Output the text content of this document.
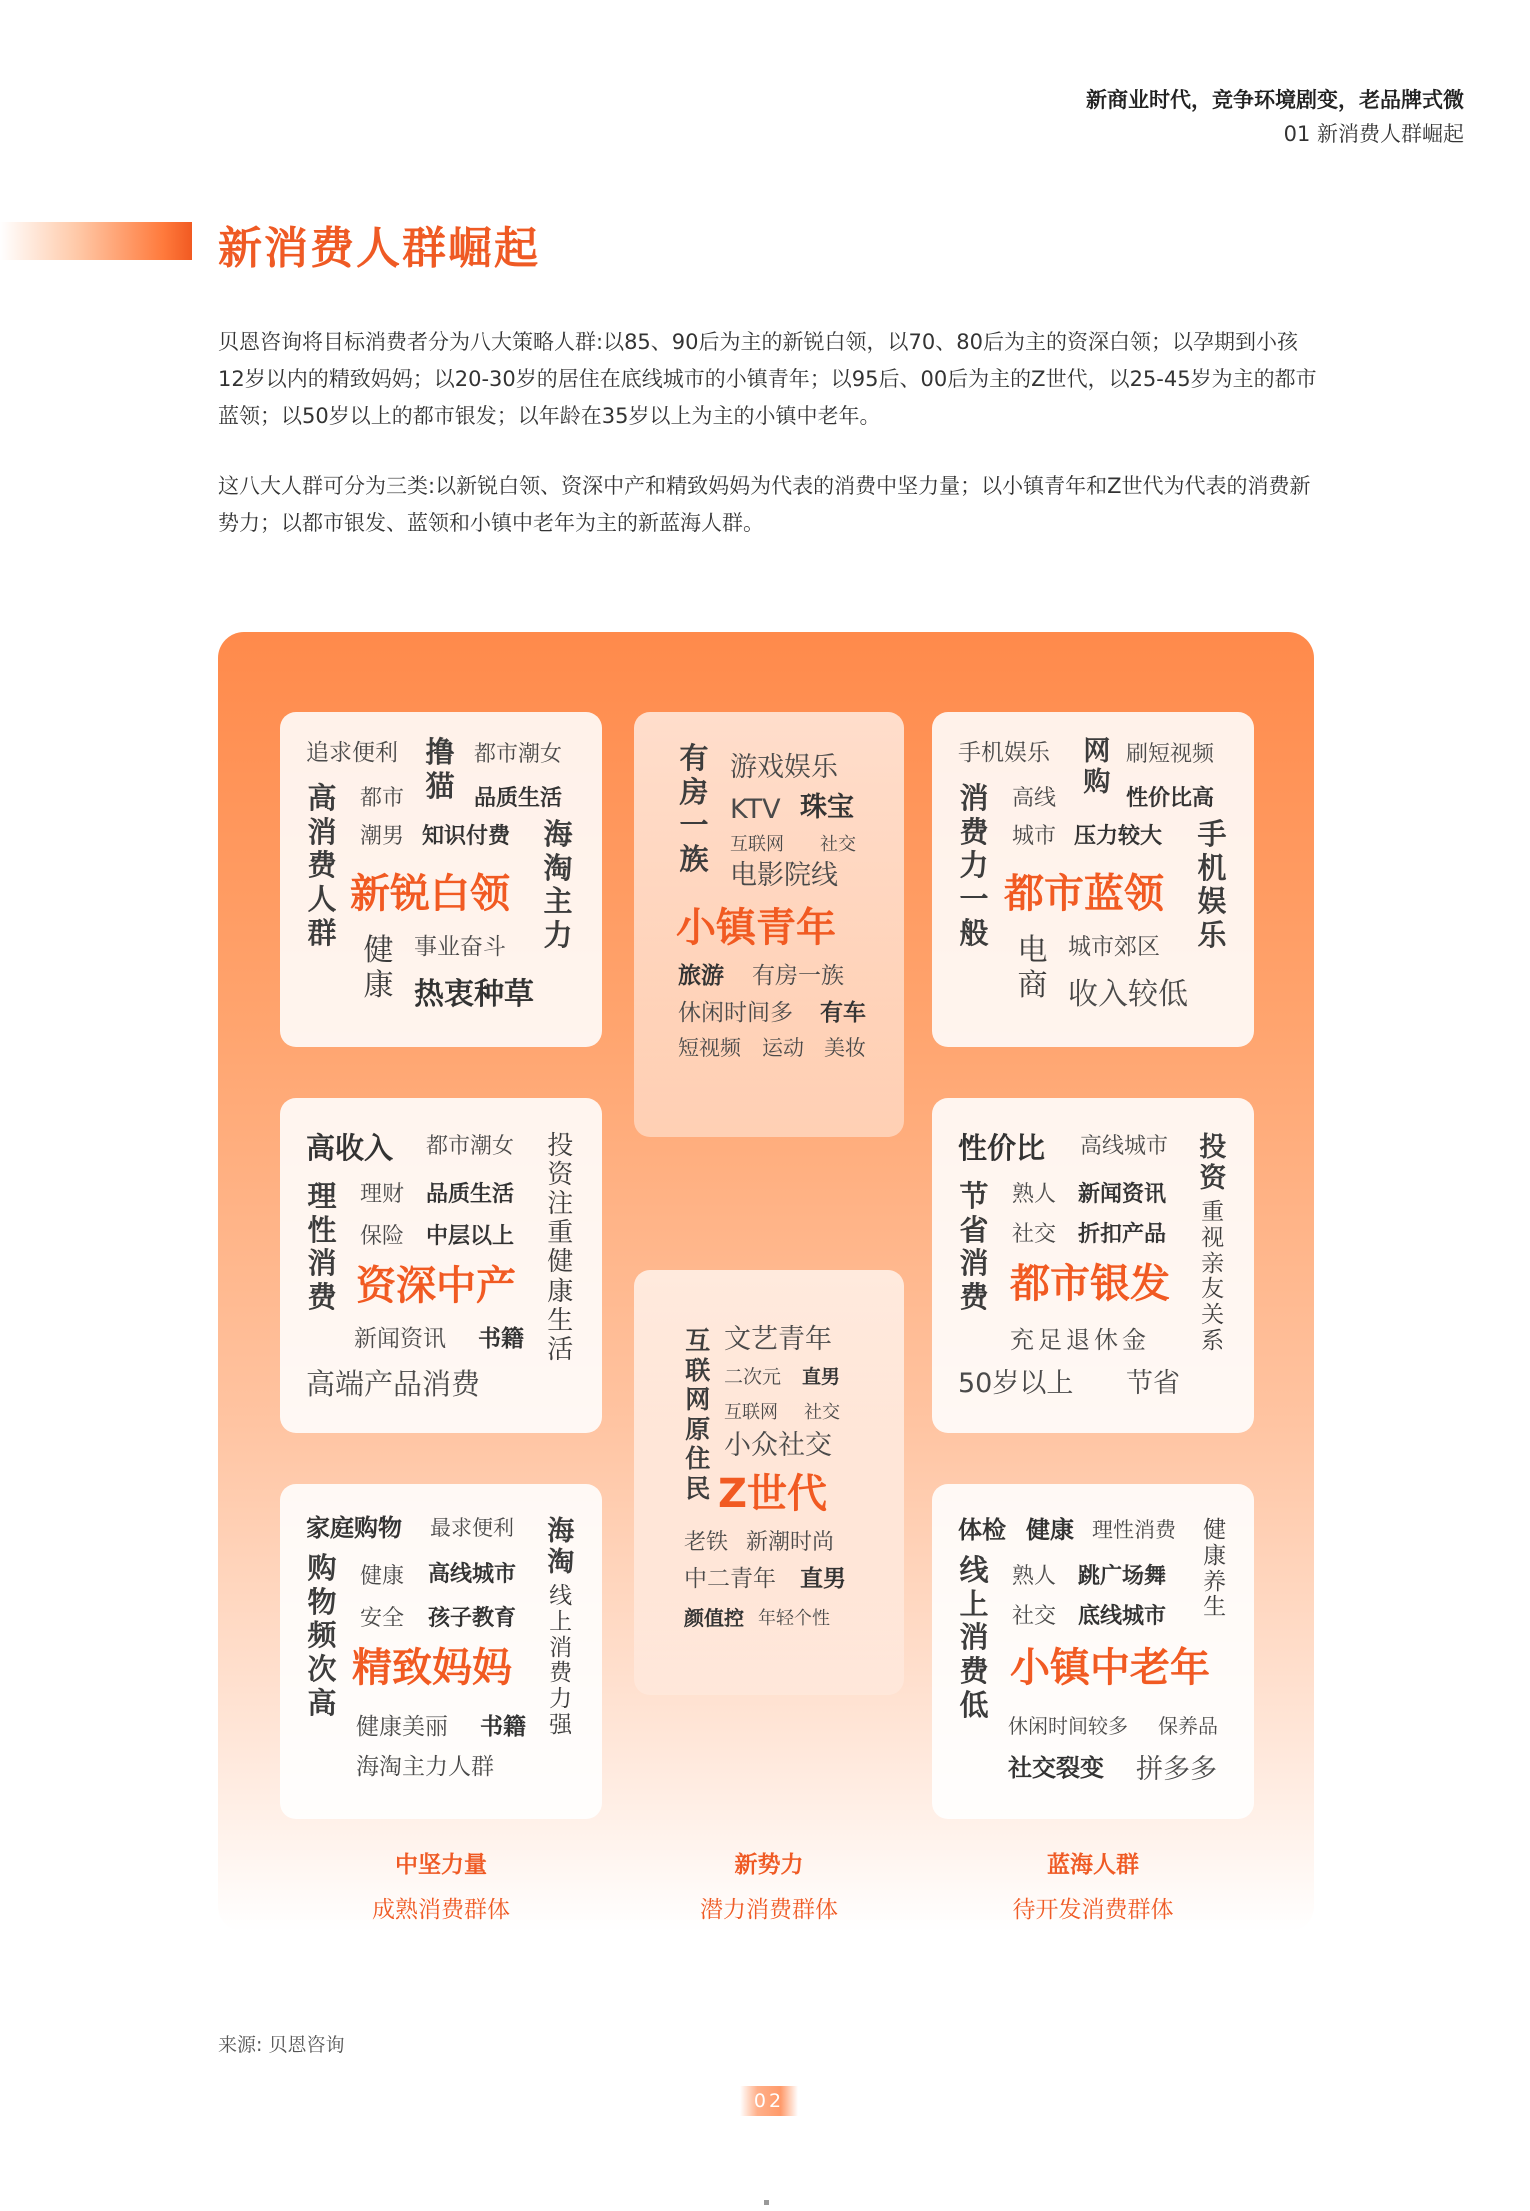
新商业时代，竞争环境剧变，老品牌式微
01 新消费人群崛起
新消费人群崛起
贝恩咨询将目标消费者分为八大策略人群:以85、90后为主的新锐白领，以70、80后为主的资深白领；以孕期到小孩12岁以内的精致妈妈；以20-30岁的居住在底线城市的小镇青年；以95后、00后为主的Z世代，以25-45岁为主的都市蓝领；以50岁以上的都市银发；以年龄在35岁以上为主的小镇中老年。
这八大人群可分为三类:以新锐白领、资深中产和精致妈妈为代表的消费中坚力量；以小镇青年和Z世代为代表的消费新势力；以都市银发、蓝领和小镇中老年为主的新蓝海人群。
追求便利
高消费人群
撸猫
都市潮女
都市	品质生活
潮男 知识付费 海淘主力
新锐白领
健康
事业奋斗
热衷种草
高收入
理性消费
都市潮女
理财 品质生活
保险 中层以上
投资注重健康生活
资深中产
新闻资讯 书籍
高端产品消费
家庭购物 最求便利
购物频次高
海淘
线上消费力强
健康 高线城市
安全 孩子教育
精致妈妈
健康美丽 书籍
海淘主力人群
有房一族
游戏娱乐
KTV 珠宝
互联网 社交
电影院线
小镇青年
旅游 有房一族
休闲时间多 有车
短视频 运动 美妆
互联网原住民
文艺青年
二次元 直男
互联网 社交
小众社交
Z世代
老铁 新潮时尚
中二青年 直男
颜值控 年轻个性
手机娱乐
消费力一般
网购
刷短视频
高线	性价比高
城市 压力较大 手机娱乐
都市蓝领
电商
城市郊区
收入较低
性价比
节省消费
高线城市 投资
重视亲友关系
熟人 新闻资讯
社交 折扣产品
都市银发
充足退休金
50岁以上 节省
体检 健康 理性消费 健康养生
线上消费低
熟人 跳广场舞
社交 底线城市
小镇中老年
休闲时间较多 保养品
社交裂变 拼多多
中坚力量
成熟消费群体
新势力
潜力消费群体
蓝海人群
待开发消费群体
来源: 贝恩咨询
02
